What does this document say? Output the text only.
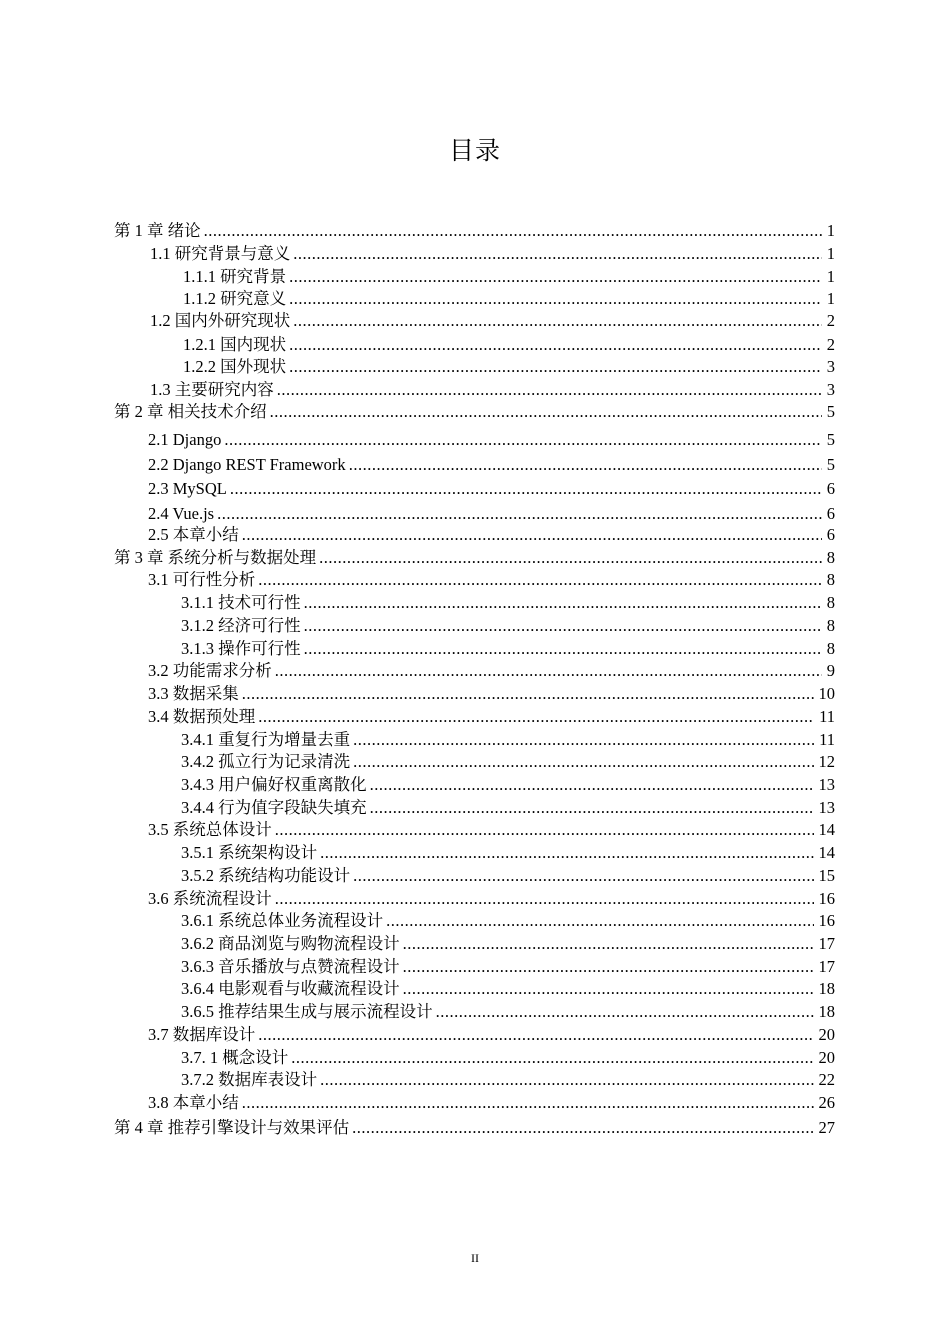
目录
第 1 章 绪论 .....	1
1.1 研究背景与意义 .....	1
1.1.1 研究背景 .....	1
1.1.2 研究意义 .....	1
1.2 国内外研究现状 .....	2
1.2.1 国内现状 .....	2
1.2.2 国外现状 .....	3
1.3 主要研究内容 .....	3
第 2 章 相关技术介绍 .....	5
2.1 Django .....	5
2.2 Django REST Framework .....	5
2.3 MySQL .....	6
2.4 Vue.js .....	6
2.5 本章小结 .....	6
第 3 章 系统分析与数据处理 .....	8
3.1 可行性分析 .....	8
3.1.1 技术可行性 .....	8
3.1.2 经济可行性 .....	8
3.1.3 操作可行性 .....	8
3.2 功能需求分析 .....	9
3.3 数据采集 .....	10
3.4 数据预处理 .....	11
3.4.1 重复行为增量去重 .....	11
3.4.2 孤立行为记录清洗 .....	12
3.4.3 用户偏好权重离散化 .....	13
3.4.4 行为值字段缺失填充 .....	13
3.5 系统总体设计 .....	14
3.5.1 系统架构设计 .....	14
3.5.2 系统结构功能设计 .....	15
3.6 系统流程设计 .....	16
3.6.1 系统总体业务流程设计 .....	16
3.6.2 商品浏览与购物流程设计 .....	17
3.6.3 音乐播放与点赞流程设计 .....	17
3.6.4 电影观看与收藏流程设计 .....	18
3.6.5 推荐结果生成与展示流程设计 .....	18
3.7 数据库设计 .....	20
3.7. 1 概念设计 .....	20
3.7.2 数据库表设计 .....	22
3.8 本章小结 .....	26
第 4 章 推荐引擎设计与效果评估 .....	27
II
